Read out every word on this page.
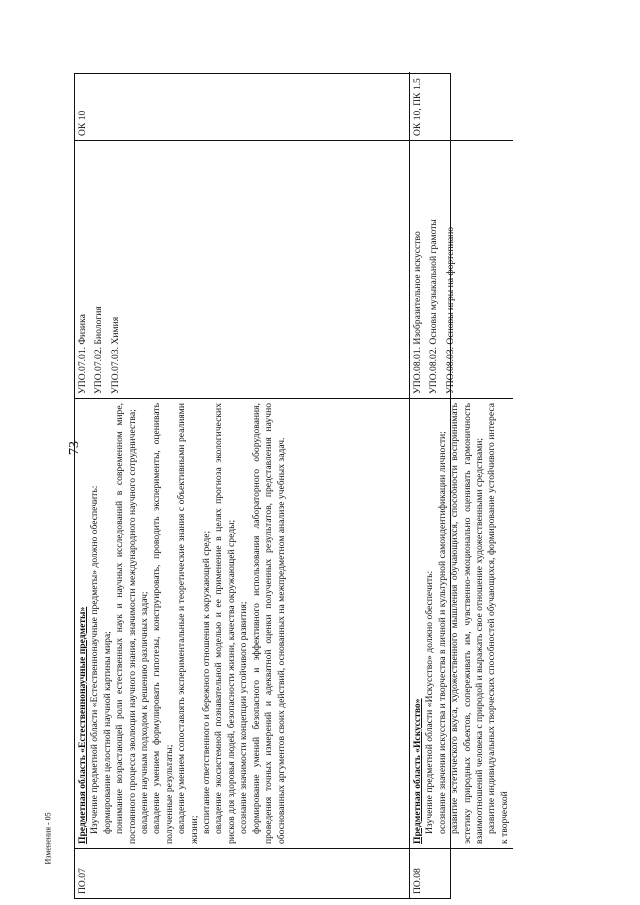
73
ПО.07
Предметная область «Естественнонаучные предметы» Изучение предметной области «Естественнонаучные предметы» должно обеспечить: формирование целостной научной картины мира; понимание возрастающей роли естественных наук и научных исследований в современном мире, постоянного процесса эволюции научного знания, значимости международного научного сотрудничества; овладение научным подходом к решению различных задач; овладение умением формулировать гипотезы, конструировать, проводить эксперименты, оценивать полученные результаты; овладение умением сопоставлять экспериментальные и теоретические знания с объективными реалиями жизни; воспитание ответственного и бережного отношения к окружающей среде; овладение экосистемной познавательной моделью и ее применение в целях прогноза экологических рисков для здоровья людей, безопасности жизни, качества окружающей среды; осознание значимости концепции устойчивого развития; формирование умений безопасного и эффективного использования лабораторного оборудования, проведения точных измерений и адекватной оценки полученных результатов, представления научно обоснованных аргументов своих действий, основанных на межпредметном анализе учебных задач.
УПО.07.01. Физика УПО.07.02. Биология УПО.07.03. Химия
ОК 10
ПО.08
Предметная область «Искусство» Изучение предметной области «Искусство» должно обеспечить: осознание значения искусства и творчества в личной и культурной самоидентификации личности; развитие эстетического вкуса, художественного мышления обучающихся, способности воспринимать эстетику природных объектов, сопереживать им, чувственно-эмоционально оценивать гармоничность взаимоотношений человека с природой и выражать свое отношение художественными средствами; развитие индивидуальных творческих способностей обучающихся, формирование устойчивого интереса к творческой
УПО.08.01. Изобразительное искусство УПО.08.02. Основы музыкальной грамоты УПО.08.03. Основы игры на фортепиано
ОК 10, ПК 1.5
Изменения - 05
